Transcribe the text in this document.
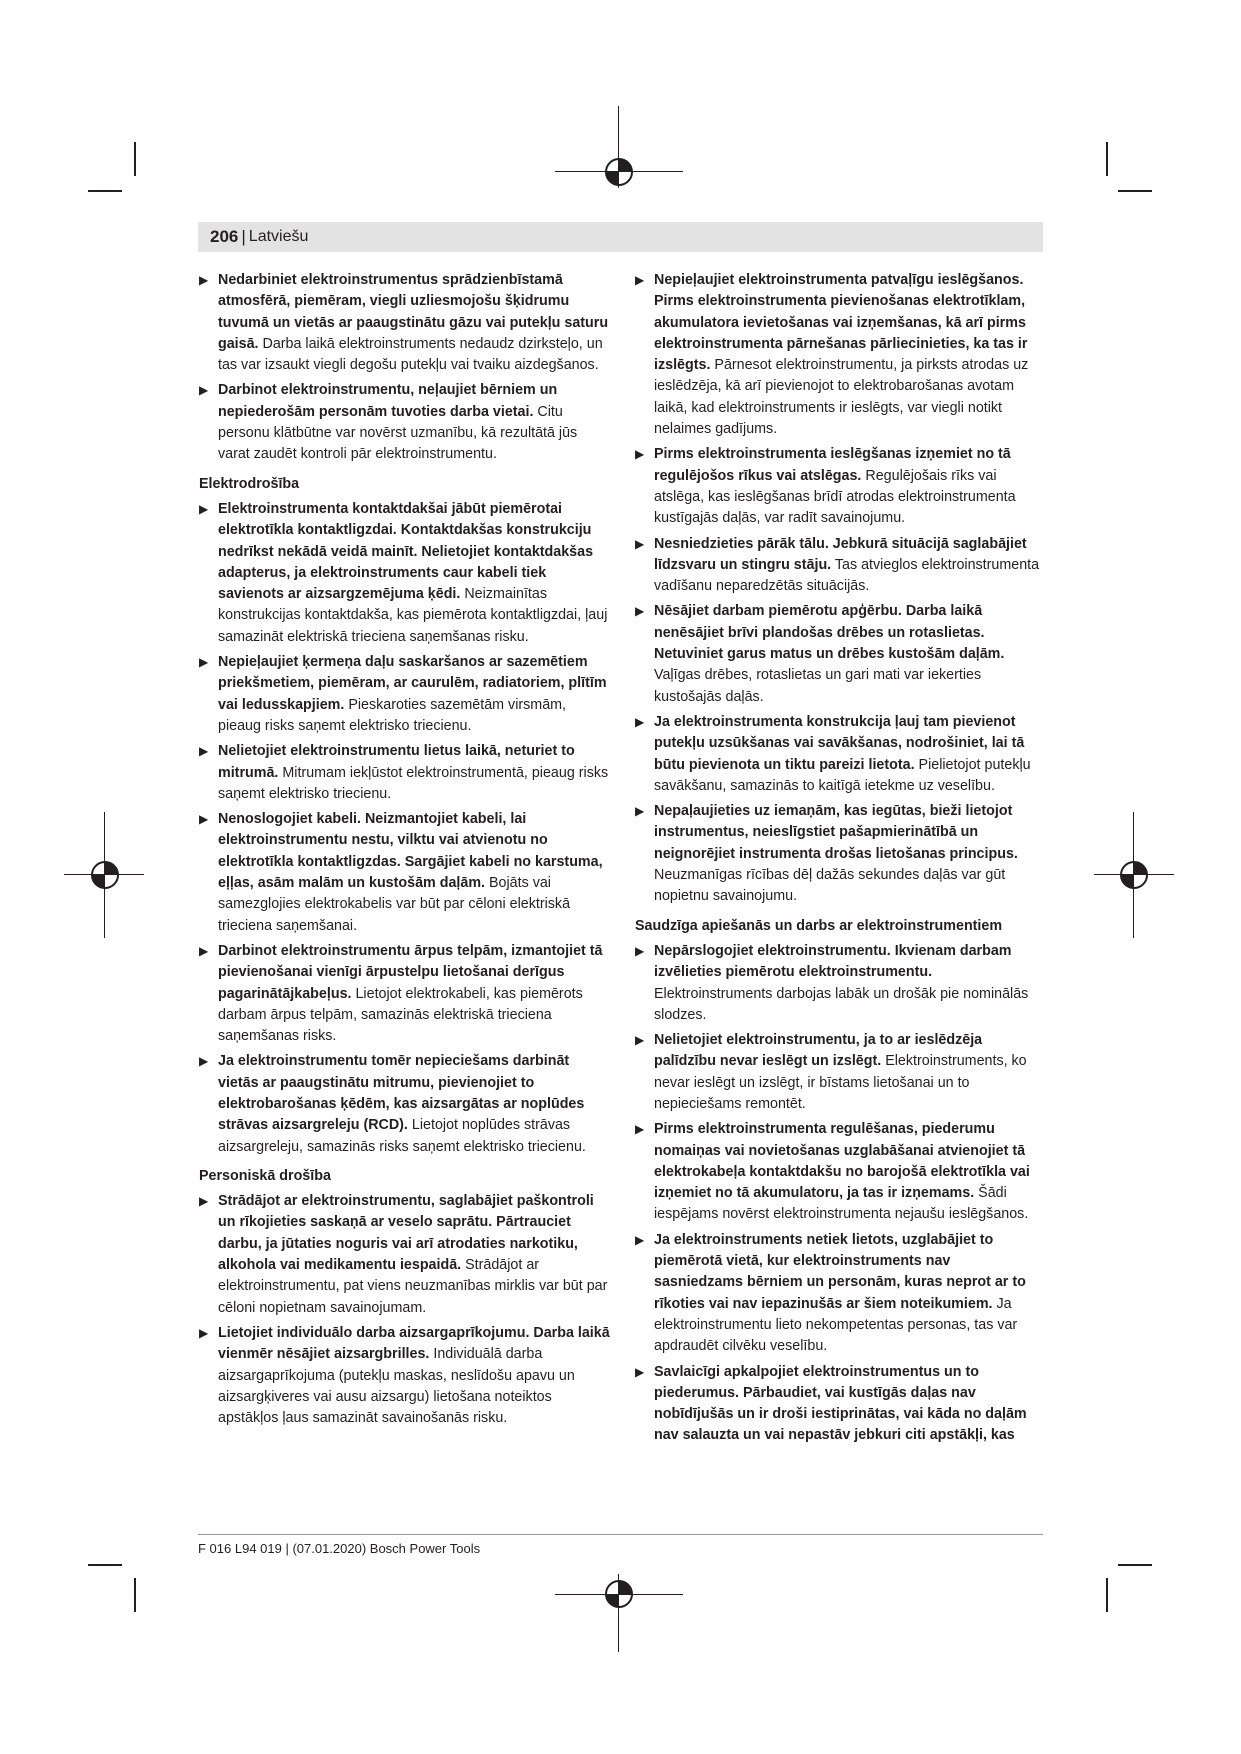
206 | Latviešu
▶ Nedarbiniet elektroinstrumentus sprādzienbīstamā atmosfērā, piemēram, viegli uzliesmojošu šķidrumu tuvumā un vietās ar paaugstinātu gāzu vai putekļu saturu gaisā. Darba laikā elektroinstruments nedaudz dzirksteļo, un tas var izsaukt viegli degošu putekļu vai tvaiku aizdegšanos.
▶ Darbinot elektroinstrumentu, neļaujiet bērniem un nepiederošām personām tuvoties darba vietai. Citu personu klātbūtne var novērst uzmanību, kā rezultātā jūs varat zaudēt kontroli pār elektroinstrumentu.
Elektrodrošība
▶ Elektroinstrumenta kontaktdakšai jābūt piemērotai elektrotīkla kontaktligzdai. Kontaktdakšas konstrukciju nedrīkst nekādā veidā mainīt. Nelietojiet kontaktdakšas adapterus, ja elektroinstruments caur kabeli tiek savienots ar aizsargzemējuma ķēdi. Neizmainītas konstrukcijas kontaktdakša, kas piemērota kontaktligzdai, ļauj samazināt elektriskā trieciena saņemšanas risku.
▶ Nepieļaujiet ķermeņa daļu saskaršanos ar sazemētiem priekšmetiem, piemēram, ar caurulēm, radiatoriem, plītīm vai ledusskapjiem. Pieskaroties sazemētām virsmām, pieaug risks saņemt elektrisko triecienu.
▶ Nelietojiet elektroinstrumentu lietus laikā, neturiet to mitrumā. Mitrumam iekļūstot elektroinstrumentā, pieaug risks saņemt elektrisko triecienu.
▶ Nenoslogojiet kabeli. Neizmantojiet kabeli, lai elektroinstrumentu nestu, vilktu vai atvienotu no elektrotīkla kontaktligzdas. Sargājiet kabeli no karstuma, eļļas, asām malām un kustošām daļām. Bojāts vai samezglojies elektrokabelis var būt par cēloni elektriskā trieciena saņemšanai.
▶ Darbinot elektroinstrumentu ārpus telpām, izmantojiet tā pievienošanai vienīgi ārpustelpu lietošanai derīgus pagarinātājkabeļus. Lietojot elektrokabeli, kas piemērots darbam ārpus telpām, samazinās elektriskā trieciena saņemšanas risks.
▶ Ja elektroinstrumentu tomēr nepieciešams darbināt vietās ar paaugstinātu mitrumu, pievienojiet to elektrobarošanas ķēdēm, kas aizsargātas ar noplūdes strāvas aizsargreleju (RCD). Lietojot noplūdes strāvas aizsargreleju, samazinās risks saņemt elektrisko triecienu.
Personiskā drošība
▶ Strādājot ar elektroinstrumentu, saglabājiet paškontroli un rīkojieties saskaņā ar veselo saprātu. Pārtrauciet darbu, ja jūtaties noguris vai arī atrodaties narkotiku, alkohola vai medikamentu iespaidā. Strādājot ar elektroinstrumentu, pat viens neuzmanības mirklis var būt par cēloni nopietnam savainojumam.
▶ Lietojiet individuālo darba aizsargaprīkojumu. Darba laikā vienmēr nēsājiet aizsargbrilles. Individuālā darba aizsargaprīkojuma (putekļu maskas, neslīdošu apavu un aizsargķiveres vai ausu aizsargu) lietošana noteiktos apstākļos ļaus samazināt savainošanās risku.
▶ Nepieļaujiet elektroinstrumenta patvaļīgu ieslēgšanos. Pirms elektroinstrumenta pievienošanas elektrotīklam, akumulatora ievietošanas vai izņemšanas, kā arī pirms elektroinstrumenta pārnešanas pārliecinieties, ka tas ir izslēgts. Pārnesot elektroinstrumentu, ja pirksts atrodas uz ieslēdzēja, kā arī pievienojot to elektrobarošanas avotam laikā, kad elektroinstruments ir ieslēgts, var viegli notikt nelaimes gadījums.
▶ Pirms elektroinstrumenta ieslēgšanas izņemiet no tā regulējošos rīkus vai atslēgas. Regulējošais rīks vai atslēga, kas ieslēgšanas brīdī atrodas elektroinstrumenta kustīgajās daļās, var radīt savainojumu.
▶ Nesniedzieties pārāk tālu. Jebkurā situācijā saglabājiet līdzsvaru un stingru stāju. Tas atvieglos elektroinstrumenta vadīšanu neparedzētās situācijās.
▶ Nēsājiet darbam piemērotu apģērbu. Darba laikā nenēsājiet brīvi plandošas drēbes un rotaslietas. Netuviniet garus matus un drēbes kustošām daļām. Vaļīgas drēbes, rotaslietas un gari mati var iekerties kustošajās daļās.
▶ Ja elektroinstrumenta konstrukcija ļauj tam pievienot putekļu uzsūkšanas vai savākšanas, nodrošiniet, lai tā būtu pievienota un tiktu pareizi lietota. Pielietojot putekļu savākšanu, samazinās to kaitīgā ietekme uz veselību.
▶ Nepaļaujieties uz iemaņām, kas iegūtas, bieži lietojot instrumentus, neieslīgstiet pašapmierinātībā un neignorējiet instrumenta drošas lietošanas principus. Neuzmanīgas rīcības dēļ dažās sekundes daļās var gūt nopietnu savainojumu.
Saudzīga apiešanās un darbs ar elektroinstrumentiem
▶ Nepārslogojiet elektroinstrumentu. Ikvienam darbam izvēlieties piemērotu elektroinstrumentu. Elektroinstruments darbojas labāk un drošāk pie nominālās slodzes.
▶ Nelietojiet elektroinstrumentu, ja to ar ieslēdzēja palīdzību nevar ieslēgt un izslēgt. Elektroinstruments, ko nevar ieslēgt un izslēgt, ir bīstams lietošanai un to nepieciešams remontēt.
▶ Pirms elektroinstrumenta regulēšanas, piederumu nomaiņas vai novietošanas uzglabāšanai atvienojiet tā elektrokabeļa kontaktdakšu no barojošā elektrotīkla vai izņemiet no tā akumulatoru, ja tas ir izņemams. Šādi iespējams novērst elektroinstrumenta nejaušu ieslēgšanos.
▶ Ja elektroinstruments netiek lietots, uzglabājiet to piemērotā vietā, kur elektroinstruments nav sasniedzams bērniem un personām, kuras neprot ar to rīkoties vai nav iepazinušās ar šiem noteikumiem. Ja elektroinstrumentu lieto nekompetentas personas, tas var apdraudēt cilvēku veselību.
▶ Savlaicīgi apkalpojiet elektroinstrumentus un to piederumus. Pārbaudiet, vai kustīgās daļas nav nobīdījušās un ir droši iestiprinātas, vai kāda no daļām nav salauzta un vai nepastāv jebkuri citi apstākļi, kas
F 016 L94 019 | (07.01.2020) Bosch Power Tools
